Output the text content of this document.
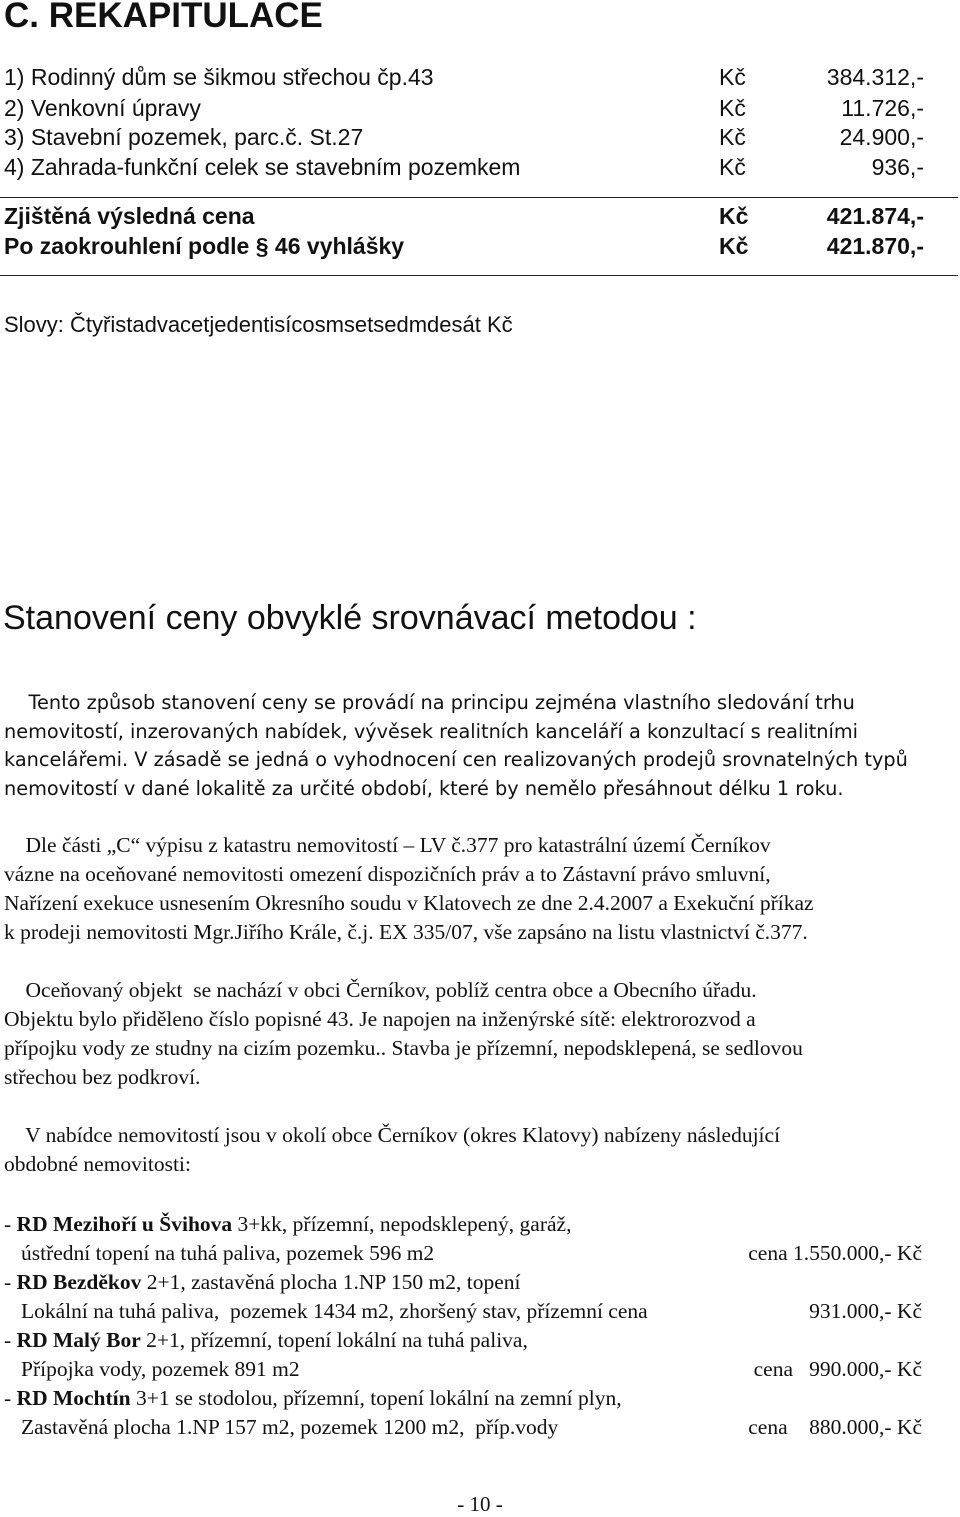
C. REKAPITULACE
1) Rodinný dům se šikmou střechou čp.43	Kč	384.312,-
2) Venkovní úpravy	Kč	11.726,-
3) Stavební pozemek, parc.č. St.27	Kč	24.900,-
4) Zahrada-funkční celek se stavebním pozemkem	Kč	936,-
Zjištěná výsledná cena	Kč	421.874,-
Po zaokrouhlení podle § 46 vyhlášky	Kč	421.870,-
Slovy: Čtyřistadvacetjedentisícosmsetsedmdesát Kč
Stanovení ceny obvyklé srovnávací metodou :
Tento způsob stanovení ceny se provádí na principu zejména vlastního sledování trhu
nemovitostí, inzerovaných nabídek, vývěsek realitních kanceláří a konzultací s realitními
kancelářemi. V zásadě se jedná o vyhodnocení cen realizovaných prodejů srovnatelných typů
nemovitostí v dané lokalitě za určité období, které by nemělo přesáhnout délku 1 roku.
Dle části „C“ výpisu z katastru nemovitostí – LV č.377 pro katastrální území Černíkov
vázne na oceňované nemovitosti omezení dispozičních práv a to Zástavní právo smluvní,
Nařízení exekuce usnesením Okresního soudu v Klatovech ze dne 2.4.2007 a Exekuční příkaz
k prodeji nemovitosti Mgr.Jiřího Krále, č.j. EX 335/07, vše zapsáno na listu vlastnictví č.377.
Oceňovaný objekt  se nachází v obci Černíkov, poblíž centra obce a Obecního úřadu.
Objektu bylo přiděleno číslo popisné 43. Je napojen na inženýrské sítě: elektrorozvod a
přípojku vody ze studny na cizím pozemku.. Stavba je přízemní, nepodsklepená, se sedlovou
střechou bez podkroví.
V nabídce nemovitostí jsou v okolí obce Černíkov (okres Klatovy) nabízeny následující
obdobné nemovitosti:
- RD Mezihoří u Švihova 3+kk, přízemní, nepodsklepený, garáž,
ústřední topení na tuhá paliva, pozemek 596 m2	cena 1.550.000,- Kč
- RD Bezděkov 2+1, zastavěná plocha 1.NP 150 m2, topení
Lokální na tuhá paliva,  pozemek 1434 m2, zhoršený stav, přízemní cena	931.000,- Kč
- RD Malý Bor 2+1, přízemní, topení lokální na tuhá paliva,
Přípojka vody, pozemek 891 m2	cena   990.000,- Kč
- RD Mochtín 3+1 se stodolou, přízemní, topení lokální na zemní plyn,
Zastavěná plocha 1.NP 157 m2, pozemek 1200 m2,  příp.vody	cena    880.000,- Kč
- 10 -
